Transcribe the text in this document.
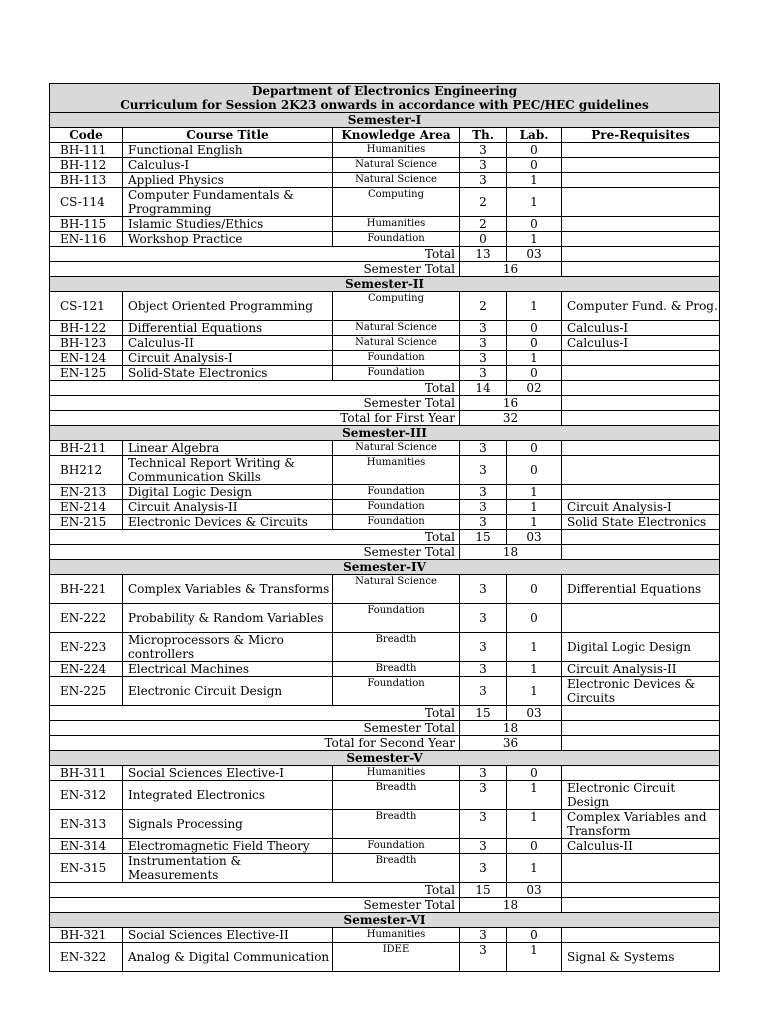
Department of Electronics Engineering
Curriculum for Session 2K23 onwards in accordance with PEC/HEC guidelines					

Semester-I					
Code	Course Title	Knowledge Area	Th.	Lab.	Pre-Requisites
BH-111	Functional English	Humanities	3	0	
BH-112	Calculus-I	Natural Science	3	0	
BH-113	Applied Physics	Natural Science	3	1	
CS-114	Computer Fundamentals & Programming	Computing	2	1	
BH-115	Islamic Studies/Ethics	Humanities	2	0	
EN-116	Workshop Practice	Foundation	0	1	
Total			13	03	
Semester Total			16		
Semester-II					
CS-121	Object Oriented Programming	Computing	2	1	Computer Fund. & Prog.
BH-122	Differential Equations	Natural Science	3	0	Calculus-I
BH-123	Calculus-II	Natural Science	3	0	Calculus-I
EN-124	Circuit Analysis-I	Foundation	3	1	
EN-125	Solid-State Electronics	Foundation	3	0	
Total			14	02	
Semester Total			16		
Total for First Year			32		
Semester-III					
BH-211	Linear Algebra	Natural Science	3	0	
BH212	Technical Report Writing & Communication Skills	Humanities	3	0	
EN-213	Digital Logic Design	Foundation	3	1	
EN-214	Circuit Analysis-II	Foundation	3	1	Circuit Analysis-I
EN-215	Electronic Devices & Circuits	Foundation	3	1	Solid State Electronics
Total			15	03	
Semester Total			18		
Semester-IV					
BH-221	Complex Variables & Transforms	Natural Science	3	0	Differential Equations
EN-222	Probability & Random Variables	Foundation	3	0	
EN-223	Microprocessors & Micro controllers	Breadth	3	1	Digital Logic Design
EN-224	Electrical Machines	Breadth	3	1	Circuit Analysis-II
EN-225	Electronic Circuit Design	Foundation	3	1	Electronic Devices & Circuits
Total			15	03	
Semester Total			18		
Total for Second Year			36		
Semester-V					
BH-311	Social Sciences Elective-I	Humanities	3	0	
EN-312	Integrated Electronics	Breadth	3	1	Electronic Circuit Design
EN-313	Signals Processing	Breadth	3	1	Complex Variables and Transform
EN-314	Electromagnetic Field Theory	Foundation	3	0	Calculus-II
EN-315	Instrumentation & Measurements	Breadth	3	1	
Total			15	03	
Semester Total			18		
Semester-VI					
BH-321	Social Sciences Elective-II	Humanities	3	0	
EN-322	Analog & Digital Communication	IDEE	3	1	Signal & Systems
